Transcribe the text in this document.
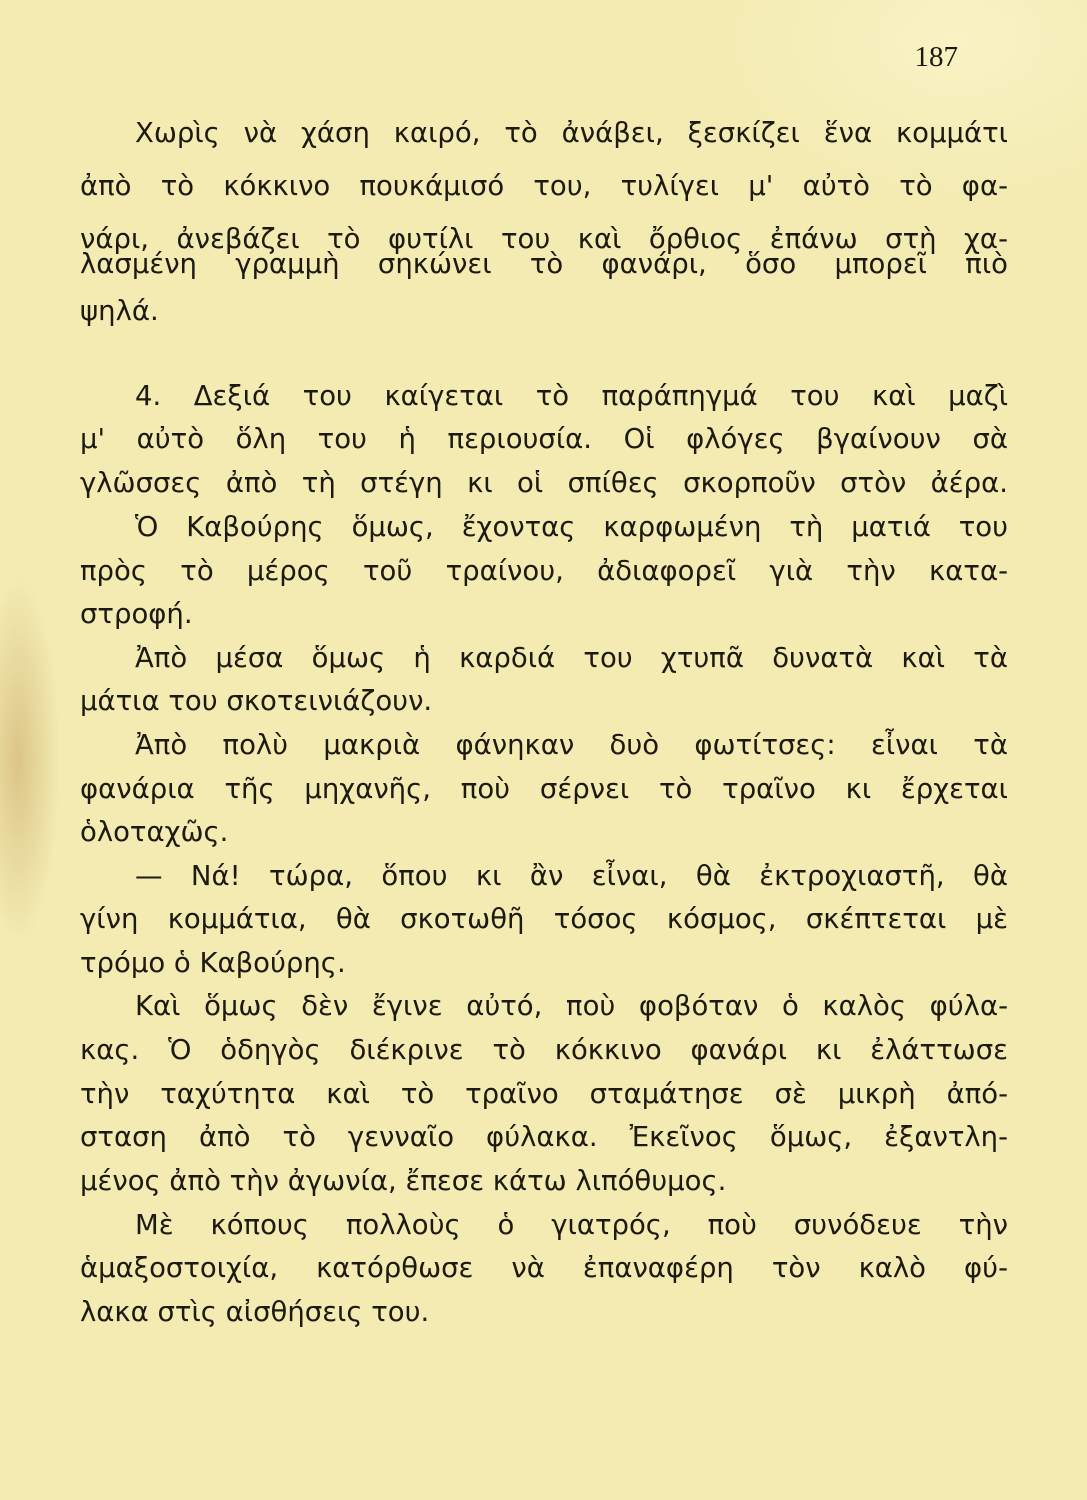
187
Χωρὶς νὰ χάση καιρό, τὸ ἀνάβει, ξεσκίζει ἕνα κομμάτι
ἀπὸ τὸ κόκκινο πουκάμισό του, τυλίγει μ' αὐτὸ τὸ φα-
νάρι, ἀνεβάζει τὸ φυτίλι του καὶ ὄρθιος ἐπάνω στὴ χα-
λασμένη γραμμὴ σηκώνει τὸ φανάρι, ὅσο μπορεῖ πιὸ
ψηλά.
4. Δεξιά του καίγεται τὸ παράπηγμά του καὶ μαζὶ
μ' αὐτὸ ὅλη του ἡ περιουσία. Οἱ φλόγες βγαίνουν σὰ
γλῶσσες ἀπὸ τὴ στέγη κι οἱ σπίθες σκορποῦν στὸν ἀέρα.
Ὁ Καβούρης ὅμως, ἔχοντας καρφωμένη τὴ ματιά του
πρὸς τὸ μέρος τοῦ τραίνου, ἀδιαφορεῖ γιὰ τὴν κατα-
στροφή.
Ἀπὸ μέσα ὅμως ἡ καρδιά του χτυπᾶ δυνατὰ καὶ τὰ
μάτια του σκοτεινιάζουν.
Ἀπὸ πολὺ μακριὰ φάνηκαν δυὸ φωτίτσες: εἶναι τὰ
φανάρια τῆς μηχανῆς, ποὺ σέρνει τὸ τραῖνο κι ἔρχεται
ὁλοταχῶς.
— Νά! τώρα, ὅπου κι ἂν εἶναι, θὰ ἐκτροχιαστῆ, θὰ
γίνη κομμάτια, θὰ σκοτωθῆ τόσος κόσμος, σκέπτεται μὲ
τρόμο ὁ Καβούρης.
Καὶ ὅμως δὲν ἔγινε αὐτό, ποὺ φοβόταν ὁ καλὸς φύλα-
κας. Ὁ ὁδηγὸς διέκρινε τὸ κόκκινο φανάρι κι ἐλάττωσε
τὴν ταχύτητα καὶ τὸ τραῖνο σταμάτησε σὲ μικρὴ ἀπό-
σταση ἀπὸ τὸ γενναῖο φύλακα. Ἐκεῖνος ὅμως, ἐξαντλη-
μένος ἀπὸ τὴν ἀγωνία, ἔπεσε κάτω λιπόθυμος.
Μὲ κόπους πολλοὺς ὁ γιατρός, ποὺ συνόδευε τὴν
ἁμαξοστοιχία, κατόρθωσε νὰ ἐπαναφέρη τὸν καλὸ φύ-
λακα στὶς αἰσθήσεις του.
